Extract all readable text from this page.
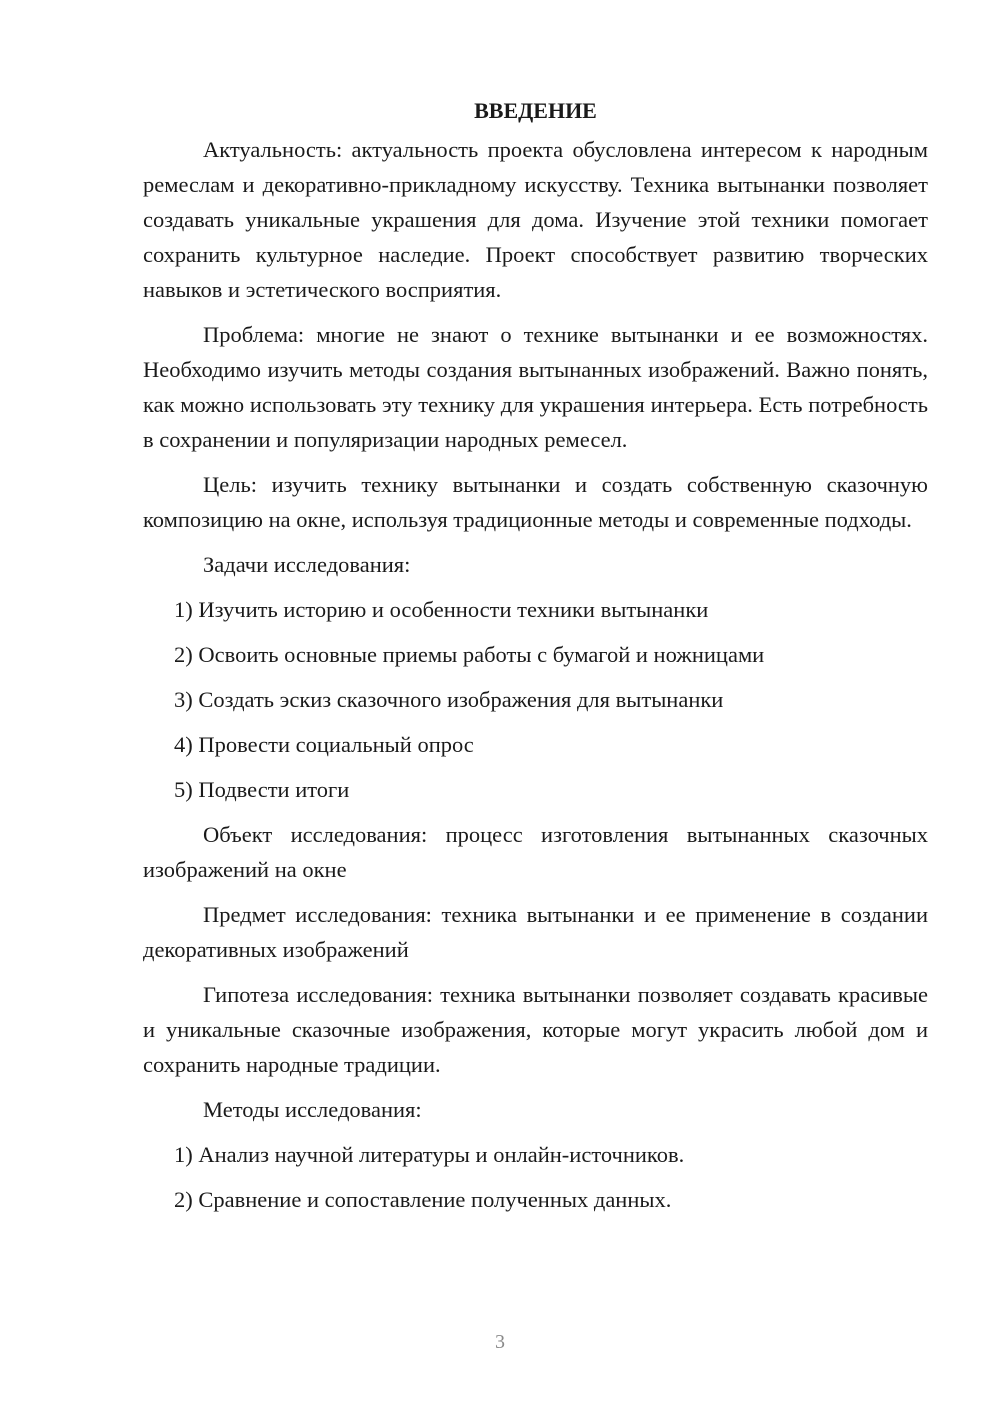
ВВЕДЕНИЕ

Актуальность: актуальность проекта обусловлена интересом к народным ремеслам и декоративно-прикладному искусству. Техника вытынанки позволяет создавать уникальные украшения для дома. Изучение этой техники помогает сохранить культурное наследие. Проект способствует развитию творческих навыков и эстетического восприятия.

Проблема: многие не знают о технике вытынанки и ее возможностях. Необходимо изучить методы создания вытынанных изображений. Важно понять, как можно использовать эту технику для украшения интерьера. Есть потребность в сохранении и популяризации народных ремесел.

Цель: изучить технику вытынанки и создать собственную сказочную композицию на окне, используя традиционные методы и современные подходы.

Задачи исследования:

1) Изучить историю и особенности техники вытынанки
2) Освоить основные приемы работы с бумагой и ножницами
3) Создать эскиз сказочного изображения для вытынанки
4) Провести социальный опрос
5) Подвести итоги

Объект исследования: процесс изготовления вытынанных сказочных изображений на окне

Предмет исследования: техника вытынанки и ее применение в создании декоративных изображений

Гипотеза исследования: техника вытынанки позволяет создавать красивые и уникальные сказочные изображения, которые могут украсить любой дом и сохранить народные традиции.

Методы исследования:

1) Анализ научной литературы и онлайн-источников.
2) Сравнение и сопоставление полученных данных.
3
